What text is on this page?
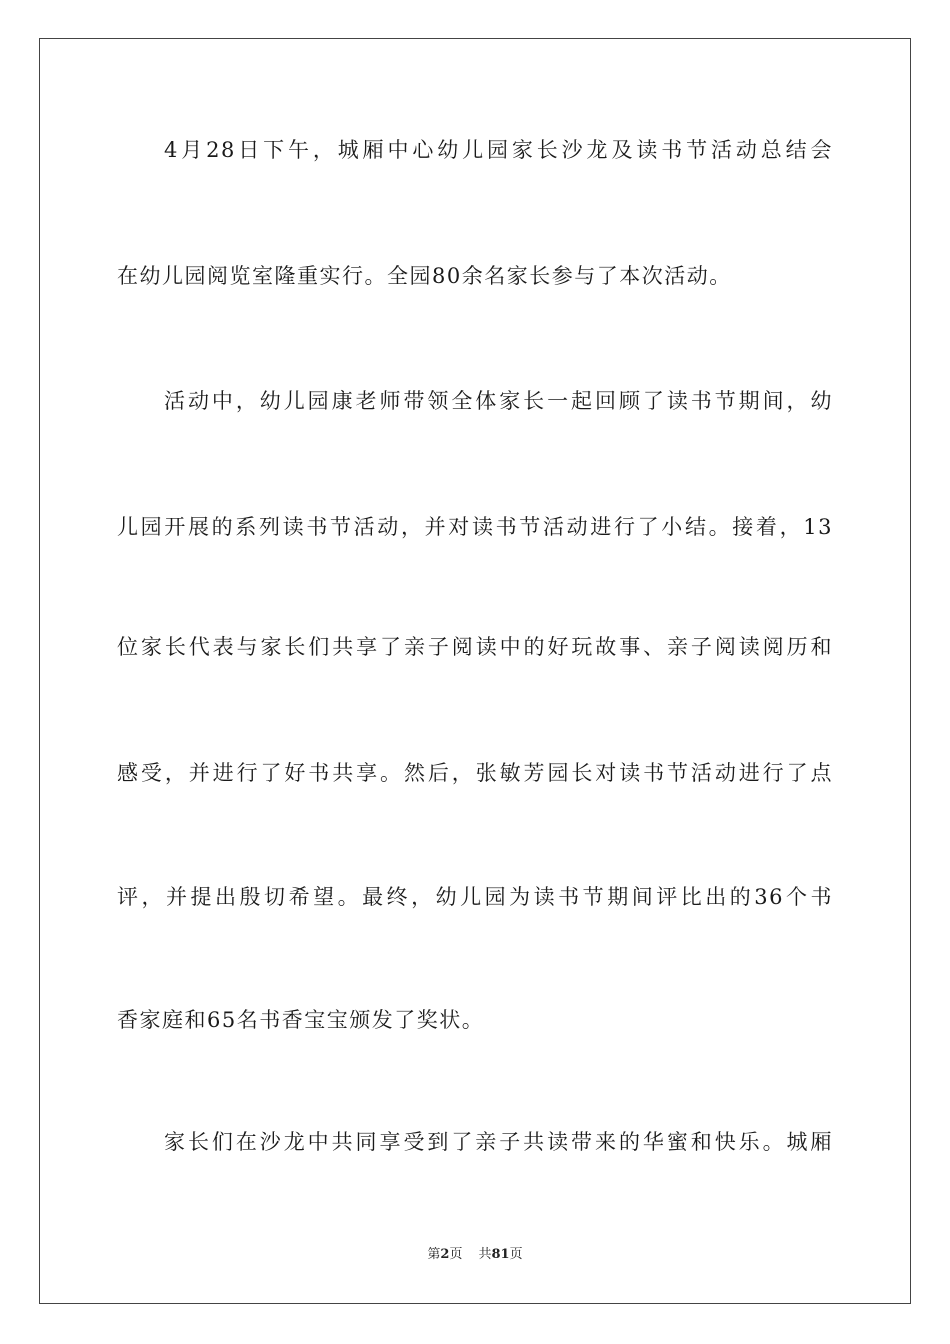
4月28日下午，城厢中心幼儿园家长沙龙及读书节活动总结会
在幼儿园阅览室隆重实行。全园80余名家长参与了本次活动。
活动中，幼儿园康老师带领全体家长一起回顾了读书节期间，幼
儿园开展的系列读书节活动，并对读书节活动进行了小结。接着，13
位家长代表与家长们共享了亲子阅读中的好玩故事、亲子阅读阅历和
感受，并进行了好书共享。然后，张敏芳园长对读书节活动进行了点
评，并提出殷切希望。最终，幼儿园为读书节期间评比出的36个书
香家庭和65名书香宝宝颁发了奖状。
家长们在沙龙中共同享受到了亲子共读带来的华蜜和快乐。城厢
第2页 共81页
